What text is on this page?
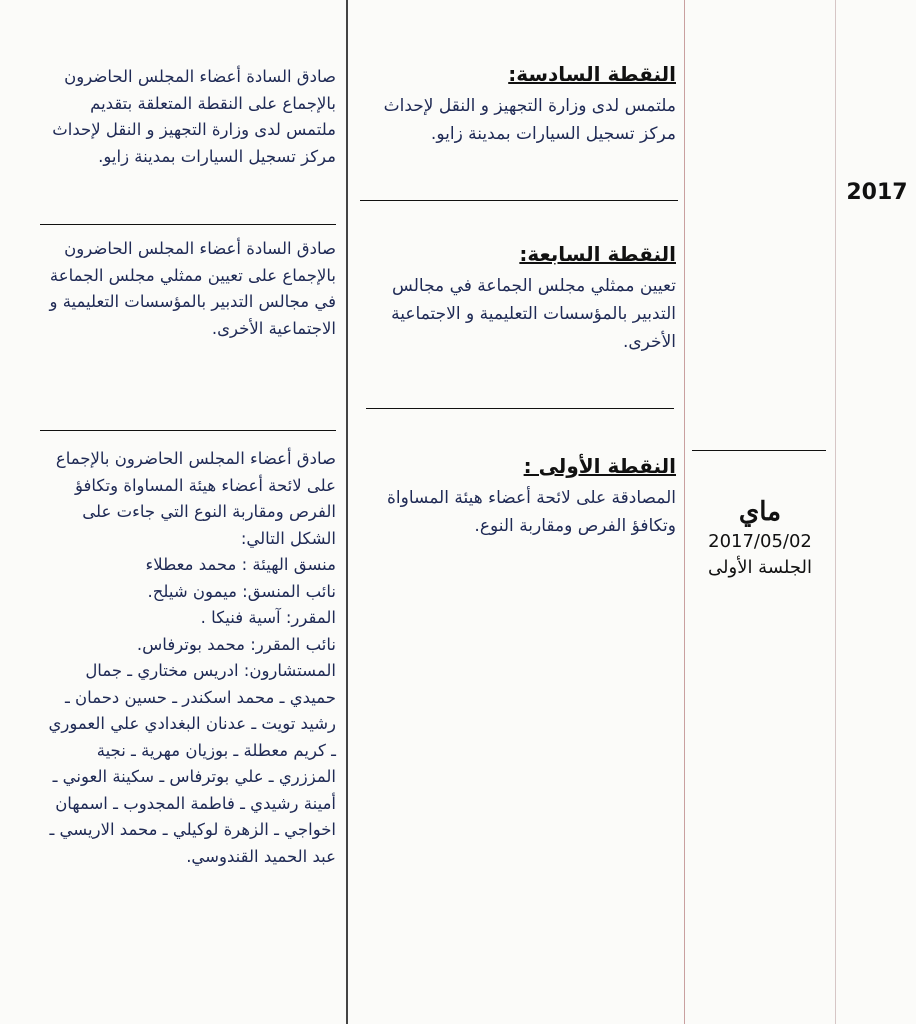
2017
ماي
2017/05/02
الجلسة الأولى
النقطة السادسة:

ملتمس لدى وزارة التجهيز و النقل لإحداث مركز تسجيل السيارات بمدينة زايو.

النقطة السابعة:

تعيين ممثلي مجلس الجماعة في مجالس التدبير بالمؤسسات التعليمية و الاجتماعية الأخرى.

النقطة الأولى :

المصادقة على لائحة أعضاء هيئة المساواة وتكافؤ الفرص ومقاربة النوع.

صادق السادة أعضاء المجلس الحاضرون بالإجماع على النقطة المتعلقة بتقديم ملتمس لدى وزارة التجهيز و النقل لإحداث مركز تسجيل السيارات بمدينة زايو.

صادق السادة أعضاء المجلس الحاضرون بالإجماع على تعيين ممثلي مجلس الجماعة في مجالس التدبير بالمؤسسات التعليمية و الاجتماعية الأخرى.

صادق أعضاء المجلس الحاضرون بالإجماع على لائحة أعضاء هيئة المساواة وتكافؤ الفرص ومقاربة النوع التي جاءت على الشكل التالي:

منسق الهيئة : محمد معطلاء

نائب المنسق: ميمون شيلح.

المقرر: آسية فنيكا .

نائب المقرر: محمد بوترفاس.

المستشارون: ادريس مختاري ـ جمال حميدي ـ محمد اسكندر ـ حسين دحمان ـ رشيد تويت ـ عدنان البغدادي علي العموري ـ كريم معطلة ـ بوزيان مهرية ـ نجية المززري ـ علي بوترفاس ـ سكينة العوني ـ أمينة رشيدي ـ فاطمة المجدوب ـ اسمهان اخواجي ـ الزهرة لوكيلي ـ محمد الاريسي ـ عبد الحميد القندوسي.
